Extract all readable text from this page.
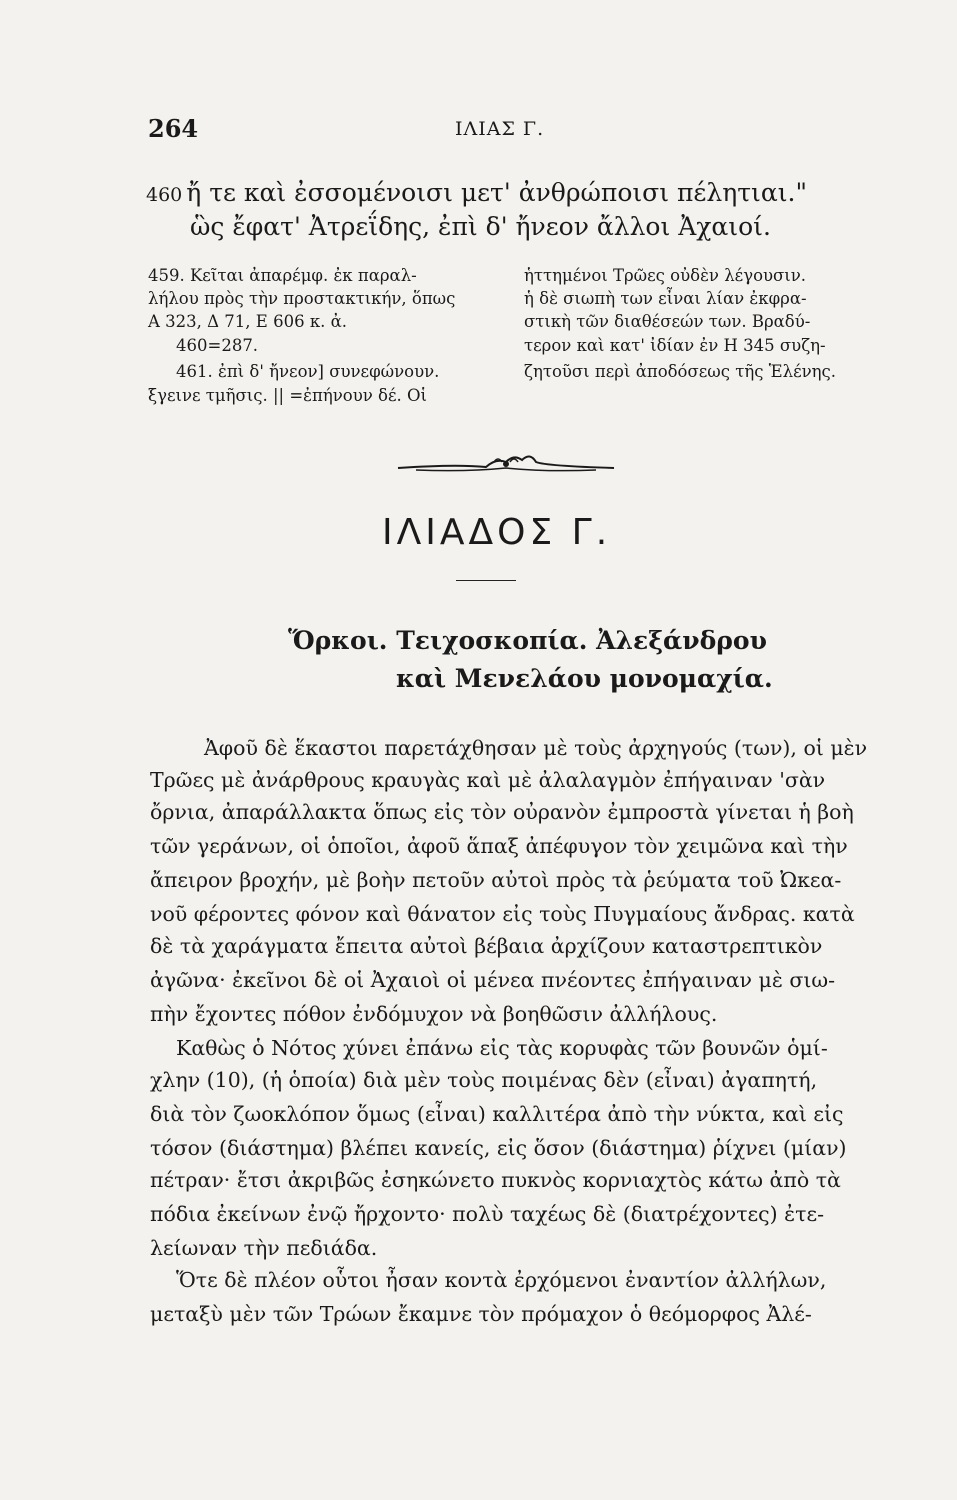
264	ΙΛΙΑΣ Γ.
460 ἤ τε καὶ ἐσσομένοισι μετ' ἀνθρώποισι πέλητιαι."
ὣς ἔφατ' Ἀτρεΐδης, ἐπὶ δ' ἤνεον ἄλλοι Ἀχαιοί.
459. Κεῖται ἀπαρέμφ. ἐκ παραλ-
λήλου πρὸς τὴν προστακτικήν, ὅπως
Α 323, Δ 71, Ε 606 κ. ἀ.
460=287.
461. ἐπὶ δ' ἤνεον] συνεφώνουν.
ξγεινε τμῆσις. || =ἐπήνουν δέ. Οἱ
ἡττημένοι Τρῶες οὐδὲν λέγουσιν.
ἡ δὲ σιωπὴ των εἶναι λίαν ἐκφρα-
στικὴ τῶν διαθέσεών των. Βραδύ-
τερον καὶ κατ' ἰδίαν ἐν Η 345 συζη-
ζητοῦσι περὶ ἀποδόσεως τῆς Ἑλένης.
ΙΛΙΑΔΟΣ Γ.
Ὅρκοι. Τειχοσκοπία. Ἀλεξάνδρου
καὶ Μενελάου μονομαχία.
Ἀφοῦ δὲ ἕκαστοι παρετάχθησαν μὲ τοὺς ἀρχηγούς (των), οἱ μὲν
Τρῶες μὲ ἀνάρθρους κραυγὰς καὶ μὲ ἀλαλαγμὸν ἐπήγαιναν 'σὰν
ὄρνια, ἀπαράλλακτα ὅπως εἰς τὸν οὐρανὸν ἐμπροστὰ γίνεται ἡ βοὴ
τῶν γεράνων, οἱ ὁποῖοι, ἀφοῦ ἅπαξ ἀπέφυγον τὸν χειμῶνα καὶ τὴν
ἄπειρον βροχήν, μὲ βοὴν πετοῦν αὐτοὶ πρὸς τὰ ῥεύματα τοῦ Ὠκεα-
νοῦ φέροντες φόνον καὶ θάνατον εἰς τοὺς Πυγμαίους ἄνδρας. κατὰ
δὲ τὰ χαράγματα ἔπειτα αὐτοὶ βέβαια ἀρχίζουν καταστρεπτικὸν
ἀγῶνα· ἐκεῖνοι δὲ οἱ Ἀχαιοὶ οἱ μένεα πνέοντες ἐπήγαιναν μὲ σιω-
πὴν ἔχοντες πόθον ἐνδόμυχον νὰ βοηθῶσιν ἀλλήλους.
Καθὼς ὁ Νότος χύνει ἐπάνω εἰς τὰς κορυφὰς τῶν βουνῶν ὁμί-
χλην (10), (ἡ ὁποία) διὰ μὲν τοὺς ποιμένας δὲν (εἶναι) ἀγαπητή,
διὰ τὸν ζωοκλόπον ὅμως (εἶναι) καλλιτέρα ἀπὸ τὴν νύκτα, καὶ εἰς
τόσον (διάστημα) βλέπει κανείς, εἰς ὅσον (διάστημα) ῥίχνει (μίαν)
πέτραν· ἔτσι ἀκριβῶς ἐσηκώνετο πυκνὸς κορνιαχτὸς κάτω ἀπὸ τὰ
πόδια ἐκείνων ἐνῷ ἤρχοντο· πολὺ ταχέως δὲ (διατρέχοντες) ἐτε-
λείωναν τὴν πεδιάδα.
Ὅτε δὲ πλέον οὗτοι ἦσαν κοντὰ ἐρχόμενοι ἐναντίον ἀλλήλων,
μεταξὺ μὲν τῶν Τρώων ἔκαμνε τὸν πρόμαχον ὁ θεόμορφος Ἀλέ-
